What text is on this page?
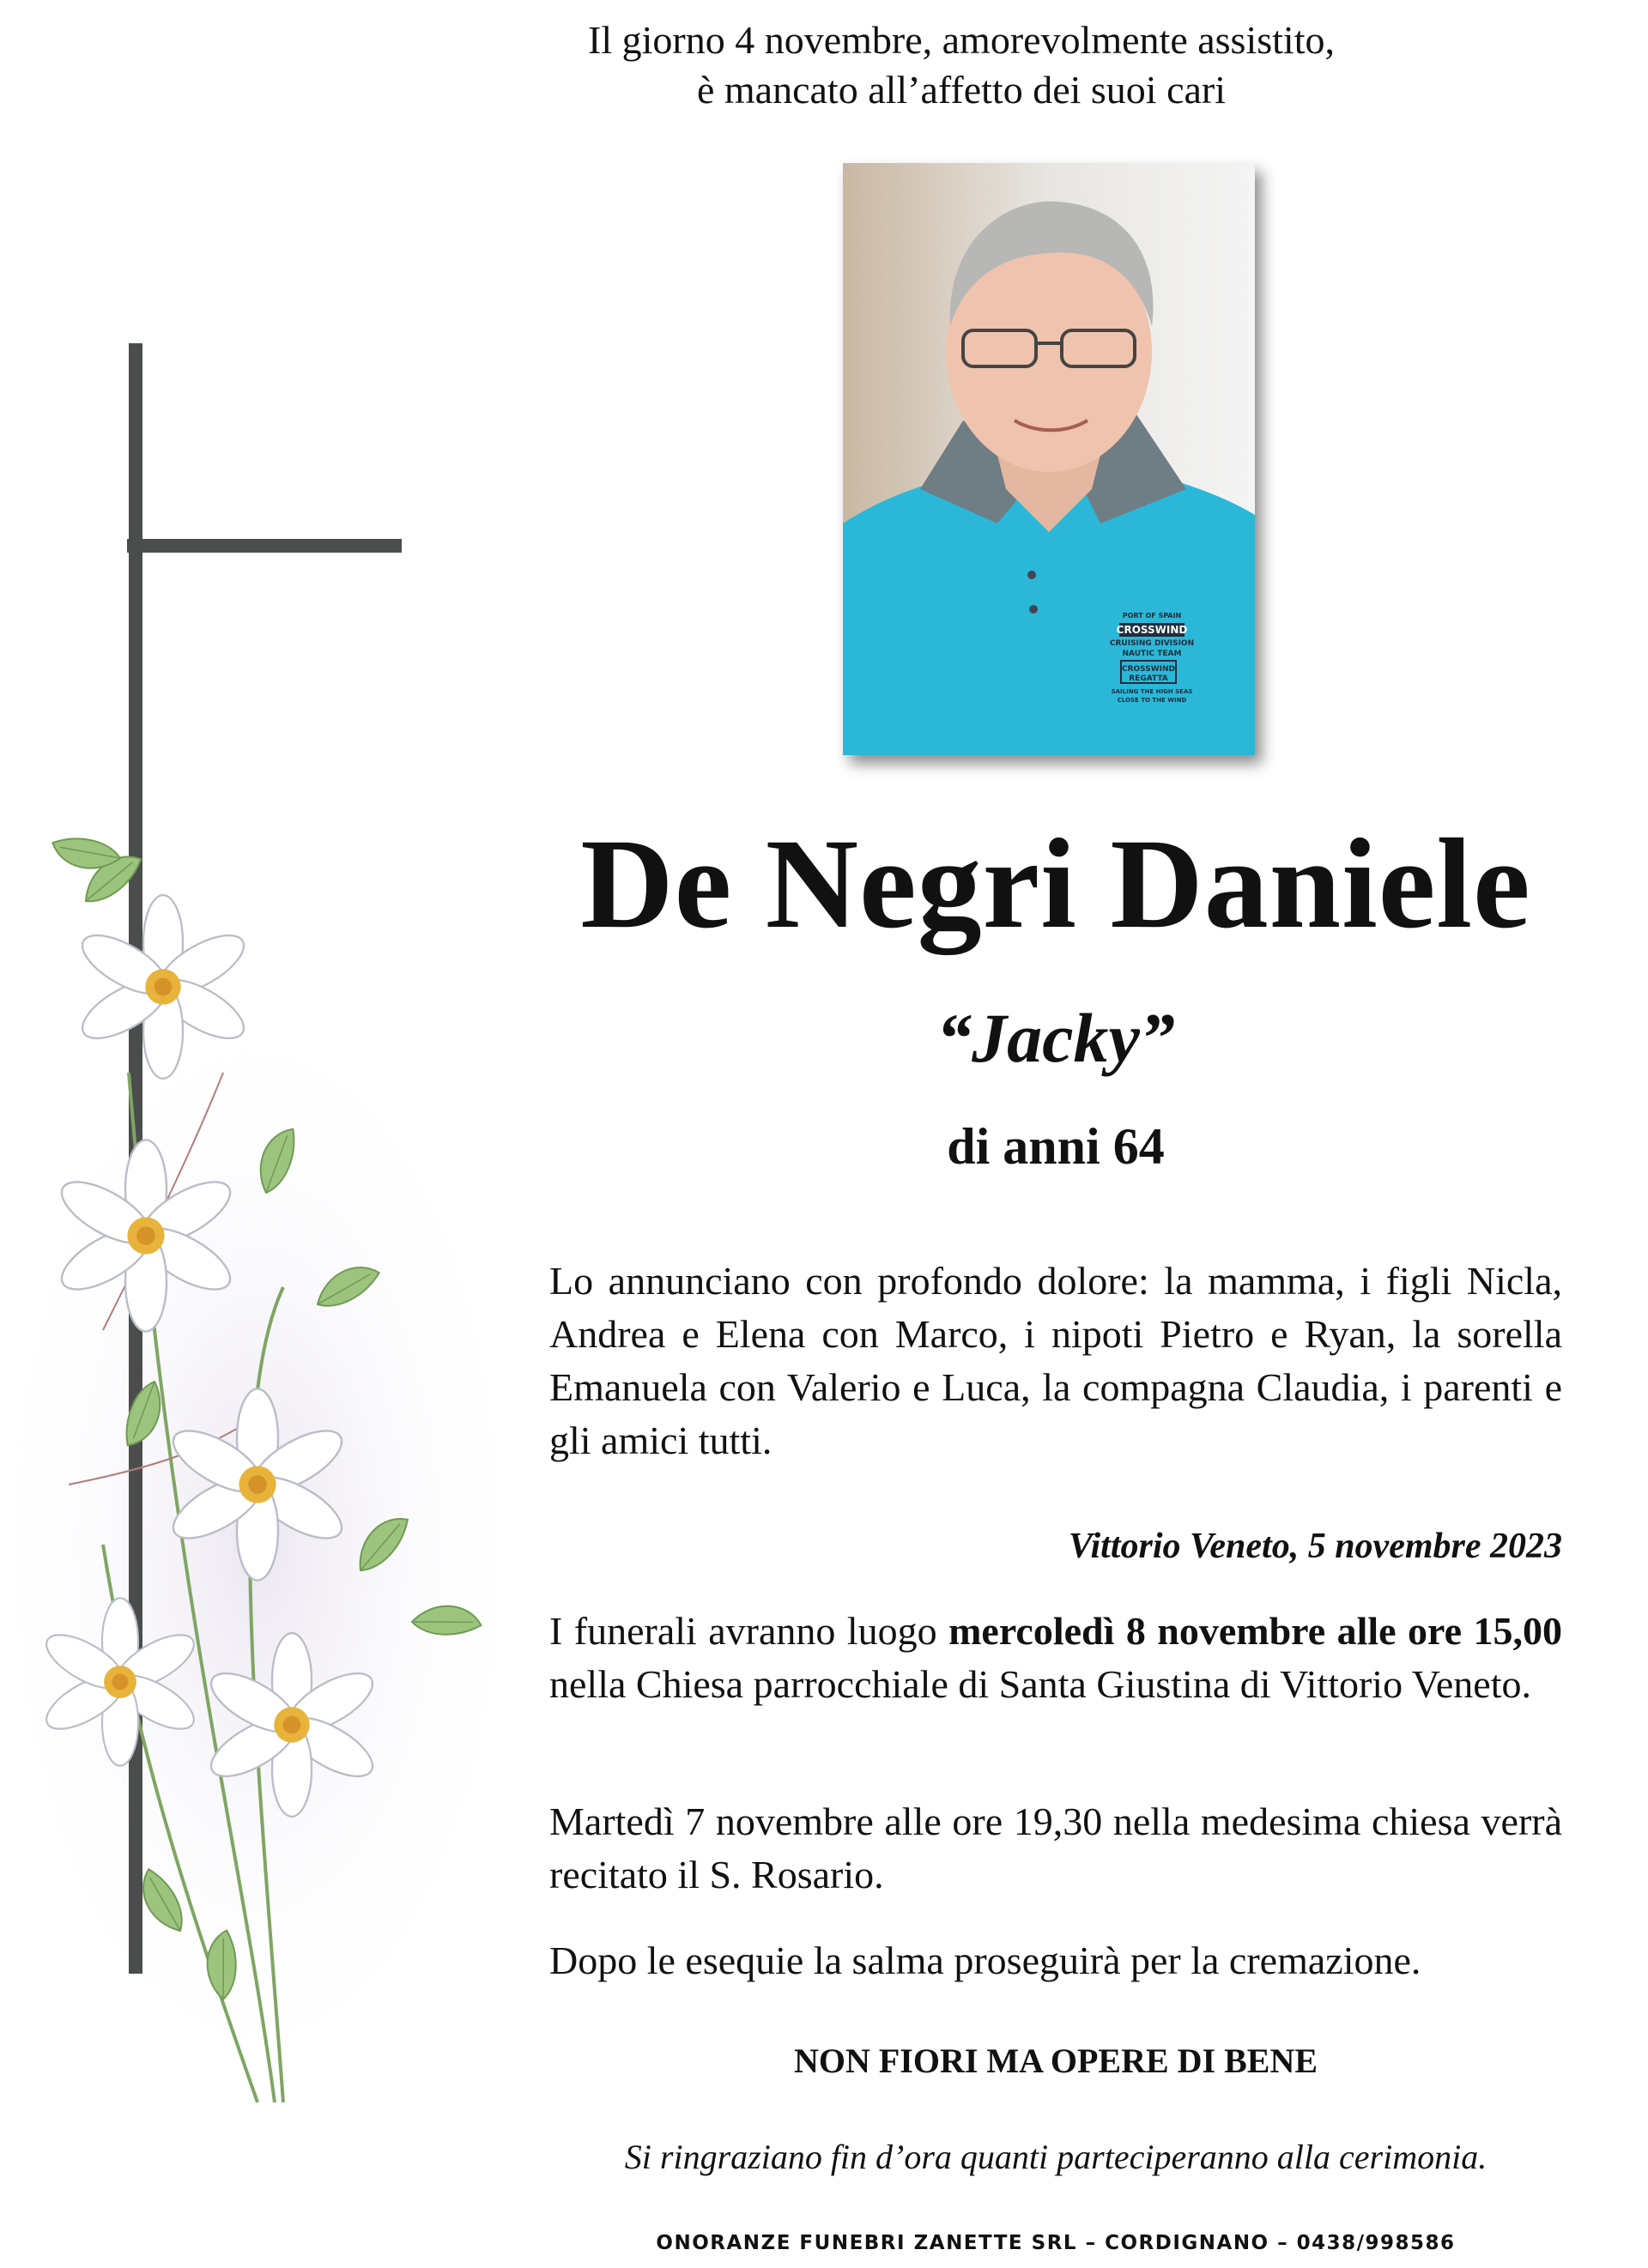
Il giorno 4 novembre, amorevolmente assistito,
è mancato all’affetto dei suoi cari
PORT OF SPAIN
CROSSWIND
CRUISING DIVISION
NAUTIC TEAM
CROSSWIND
REGATTA
SAILING THE HIGH SEAS
CLOSE TO THE WIND
De Negri Daniele
“Jacky”
di anni 64
Lo annunciano con profondo dolore: la mamma, i figli Nicla, Andrea e Elena con Marco, i nipoti Pietro e Ryan, la sorella Emanuela con Valerio e Luca, la compagna Claudia, i parenti e gli amici tutti.
Vittorio Veneto, 5 novembre 2023
I funerali avranno luogo mercoledì 8 novembre alle ore 15,00 nella Chiesa parrocchiale di Santa Giustina di Vittorio Veneto.
Martedì 7 novembre alle ore 19,30 nella medesima chiesa verrà recitato il S. Rosario.
Dopo le esequie la salma proseguirà per la cremazione.
NON FIORI MA OPERE DI BENE
Si ringraziano fin d’ora quanti parteciperanno alla cerimonia.
ONORANZE FUNEBRI ZANETTE SRL – CORDIGNANO – 0438/998586
